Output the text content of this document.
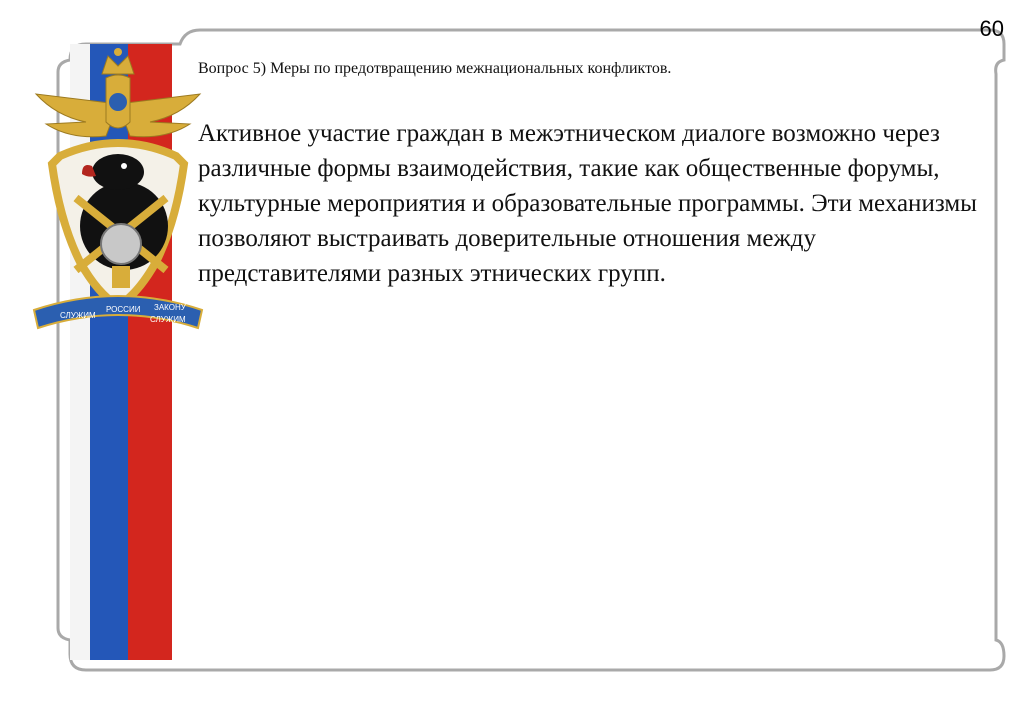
СЛУЖИМ
РОССИИ ЗАКОНУ
СЛУЖИМ
60
Вопрос 5) Меры по предотвращению межнациональных конфликтов.

Активное участие граждан в межэтническом диалоге возможно через различные формы взаимодействия, такие как общественные форумы, культурные мероприятия и образовательные программы. Эти механизмы позволяют выстраивать доверительные отношения между представителями разных этнических групп.
